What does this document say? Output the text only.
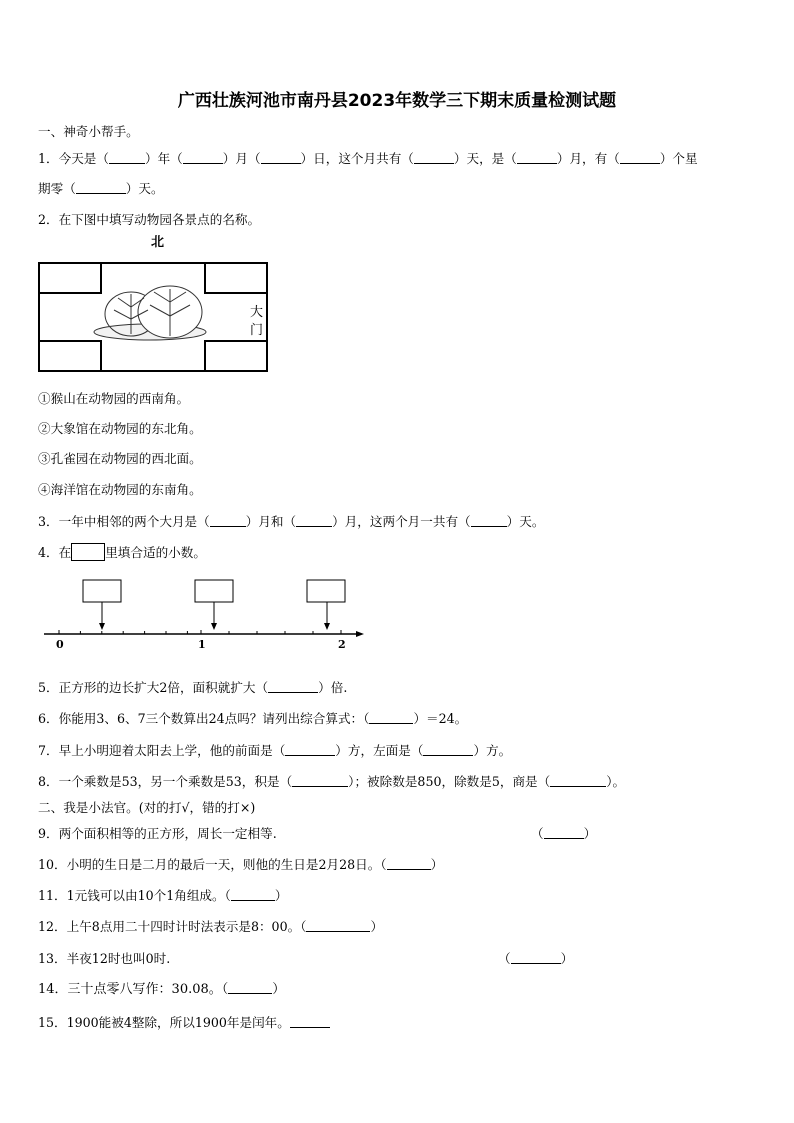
广西壮族河池市南丹县2023年数学三下期末质量检测试题
一、神奇小帮手。
1．今天是（	）年（	）月（	）日，这个月共有（	）天，是（	）月，有（	）个星
期零（	）天。
2．在下图中填写动物园各景点的名称。
北
大
门
①猴山在动物园的西南角。
②大象馆在动物园的东北角。
③孔雀园在动物园的西北面。
④海洋馆在动物园的东南角。
3．一年中相邻的两个大月是（	）月和（	）月，这两个月一共有（	）天。
4．在	里填合适的小数。
0	1	2
5．正方形的边长扩大2倍，面积就扩大（	）倍.
6．你能用3、6、7三个数算出24点吗？请列出综合算式：（	）＝24。
7．早上小明迎着太阳去上学，他的前面是（	）方，左面是（	）方。
8．一个乘数是53，另一个乘数是53，积是（	）；被除数是850，除数是5，商是（	）。
二、我是小法官。(对的打√，错的打×)
9．两个面积相等的正方形，周长一定相等.	（	）
10．小明的生日是二月的最后一天，则他的生日是2月28日。（	）
11．1元钱可以由10个1角组成。（	）
12．上午8点用二十四时计时法表示是8：00。（	）
13．半夜12时也叫0时.	（	）
14．三十点零八写作：30.08。（	）
15．1900能被4整除，所以1900年是闰年。
